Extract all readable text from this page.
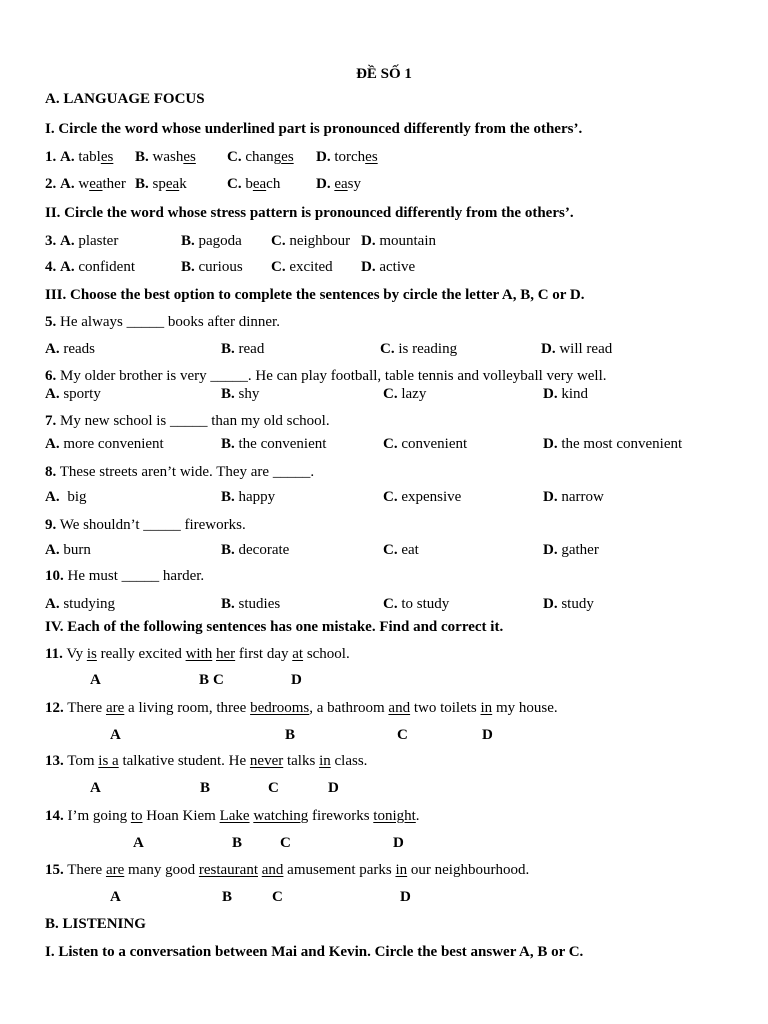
ĐỀ SỐ 1
A. LANGUAGE FOCUS
I. Circle the word whose underlined part is pronounced differently from the others’.
1. A. tables B. washes C. changes D. torches
2. A. weather B. speak	C. beach D. easy
II. Circle the word whose stress pattern is pronounced differently from the others’.
3. A. plaster	B. pagoda C. neighbour D. mountain
4. A. confident	B. curious C. excited D. active
III. Choose the best option to complete the sentences by circle the letter A, B, C or D.
5. He always _____ books after dinner.
A. reads	B. read	C. is reading	D. will read
6. My older brother is very _____. He can play football, table tennis and volleyball very well.
A. sporty	B. shy	C. lazy	D. kind
7. My new school is _____ than my old school.
A. more convenient	B. the convenient	C. convenient	D. the most convenient
8. These streets aren’t wide. They are _____.
A. big	B. happy	C. expensive	D. narrow
9. We shouldn’t _____ fireworks.
A. burn	B. decorate	C. eat	D. gather
10. He must _____ harder.
A. studying	B. studies	C. to study	D. study
IV. Each of the following sentences has one mistake. Find and correct it.
11. Vy is really excited with her first day at school.
A	B C	D
12. There are a living room, three bedrooms, a bathroom and two toilets in my house.
A	B	C	D
13. Tom is a talkative student. He never talks in class.
A	B	C	D
14. I’m going to Hoan Kiem Lake watching fireworks tonight.
A	B	C	D
15. There are many good restaurant and amusement parks in our neighbourhood.
A	B	C	D
B. LISTENING
I. Listen to a conversation between Mai and Kevin. Circle the best answer A, B or C.
